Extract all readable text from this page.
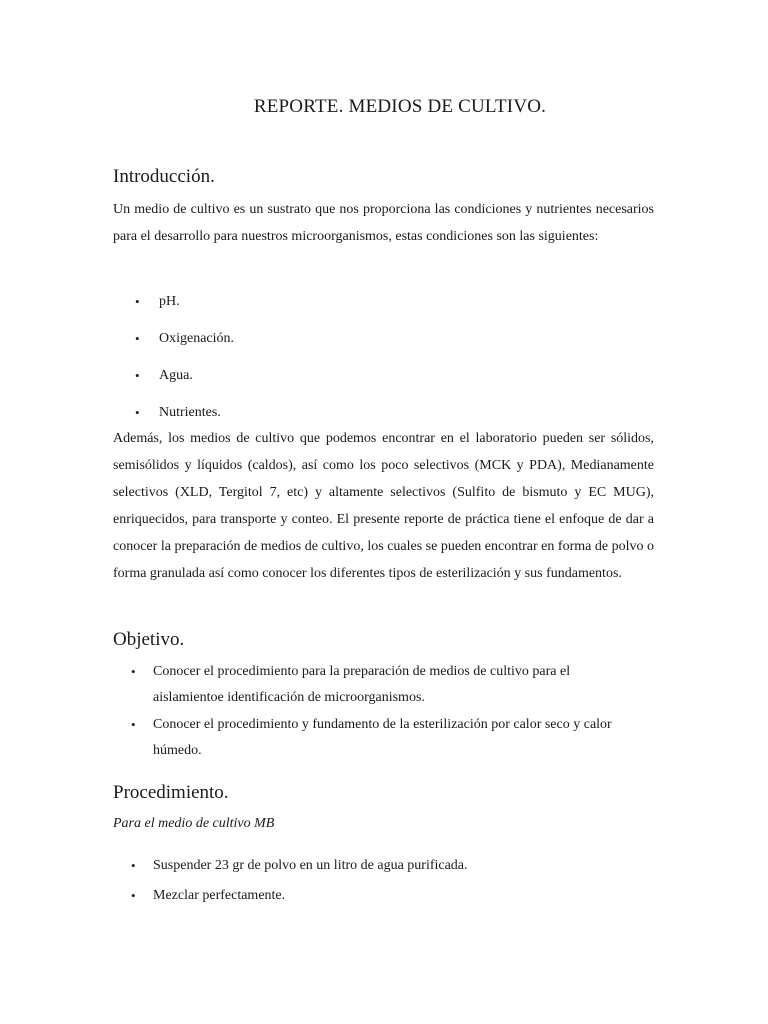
REPORTE. MEDIOS DE CULTIVO.
Introducción.
Un medio de cultivo es un sustrato que nos proporciona las condiciones y nutrientes necesarios para el desarrollo para nuestros microorganismos, estas condiciones son las siguientes:
• pH.
• Oxigenación.
• Agua.
• Nutrientes.
Además, los medios de cultivo que podemos encontrar en el laboratorio pueden ser sólidos, semisólidos y líquidos (caldos), así como los poco selectivos (MCK y PDA), Medianamente selectivos (XLD, Tergitol 7, etc) y altamente selectivos (Sulfito de bismuto y EC MUG), enriquecidos, para transporte y conteo. El presente reporte de práctica tiene el enfoque de dar a conocer la preparación de medios de cultivo, los cuales se pueden encontrar en forma de polvo o forma granulada así como conocer los diferentes tipos de esterilización y sus fundamentos.
Objetivo.
• Conocer el procedimiento para la preparación de medios de cultivo para el aislamientoe identificación de microorganismos.
• Conocer el procedimiento y fundamento de la esterilización por calor seco y calor húmedo.
Procedimiento.
Para el medio de cultivo MB
• Suspender 23 gr de polvo en un litro de agua purificada.
• Mezclar perfectamente.
